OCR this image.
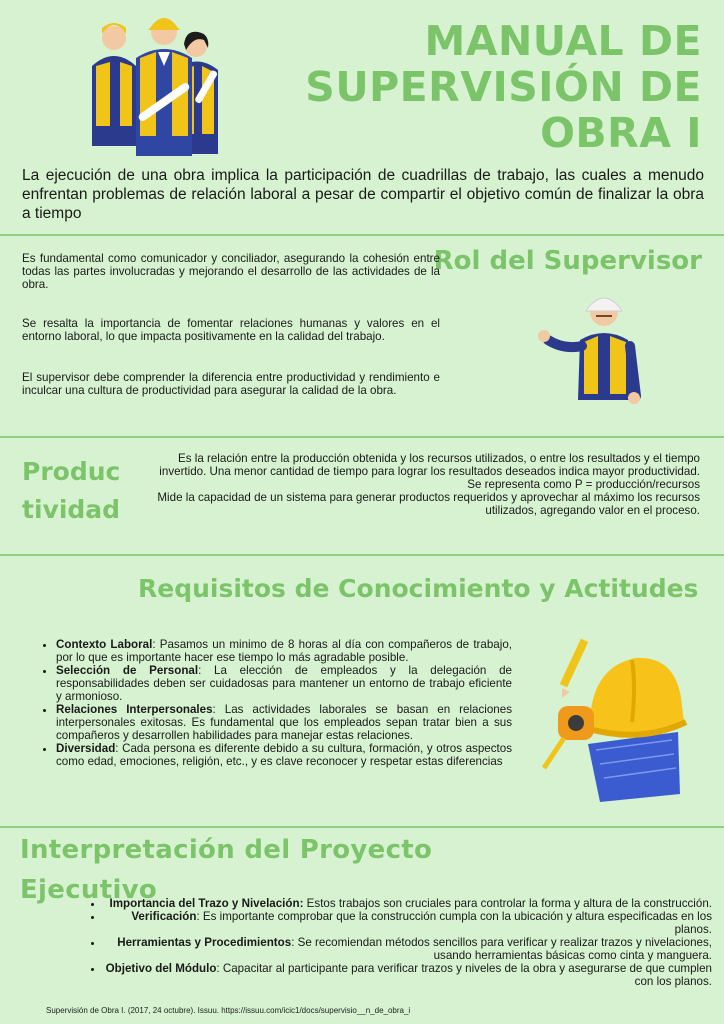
MANUAL DE SUPERVISIÓN DE OBRA I
La ejecución de una obra implica la participación de cuadrillas de trabajo, las cuales a menudo enfrentan problemas de relación laboral a pesar de compartir el objetivo común de finalizar la obra a tiempo
Rol del Supervisor

Es fundamental como comunicador y conciliador, asegurando la cohesión entre todas las partes involucradas y mejorando el desarrollo de las actividades de la obra.

Se resalta la importancia de fomentar relaciones humanas y valores en el entorno laboral, lo que impacta positivamente en la calidad del trabajo.

El supervisor debe comprender la diferencia entre productividad y rendimiento e inculcar una cultura de productividad para asegurar la calidad de la obra.

Produc
tividad
Es la relación entre la producción obtenida y los recursos utilizados, o entre los resultados y el tiempo invertido. Una menor cantidad de tiempo para lograr los resultados deseados indica mayor productividad.
Se representa como P = producción/recursos
Mide la capacidad de un sistema para generar productos requeridos y aprovechar al máximo los recursos utilizados, agregando valor en el proceso.
Requisitos de Conocimiento y Actitudes
• Contexto Laboral: Pasamos un minimo de 8 horas al día con compañeros de trabajo, por lo que es importante hacer ese tiempo lo más agradable posible.
• Selección de Personal: La elección de empleados y la delegación de responsabilidades deben ser cuidadosas para mantener un entorno de trabajo eficiente y armonioso.
• Relaciones Interpersonales: Las actividades laborales se basan en relaciones interpersonales exitosas. Es fundamental que los empleados sepan tratar bien a sus compañeros y desarrollen habilidades para manejar estas relaciones.
• Diversidad: Cada persona es diferente debido a su cultura, formación, y otros aspectos como edad, emociones, religión, etc., y es clave reconocer y respetar estas diferencias
Interpretación del Proyecto Ejecutivo
• Importancia del Trazo y Nivelación: Estos trabajos son cruciales para controlar la forma y altura de la construcción.
• Verificación: Es importante comprobar que la construcción cumpla con la ubicación y altura especificadas en los planos.
• Herramientas y Procedimientos: Se recomiendan métodos sencillos para verificar y realizar trazos y nivelaciones, usando herramientas básicas como cinta y manguera.
• Objetivo del Módulo: Capacitar al participante para verificar trazos y niveles de la obra y asegurarse de que cumplen con los planos.
Supervisión de Obra I. (2017, 24 octubre). Issuu. https://issuu.com/icic1/docs/supervisio__n_de_obra_i
